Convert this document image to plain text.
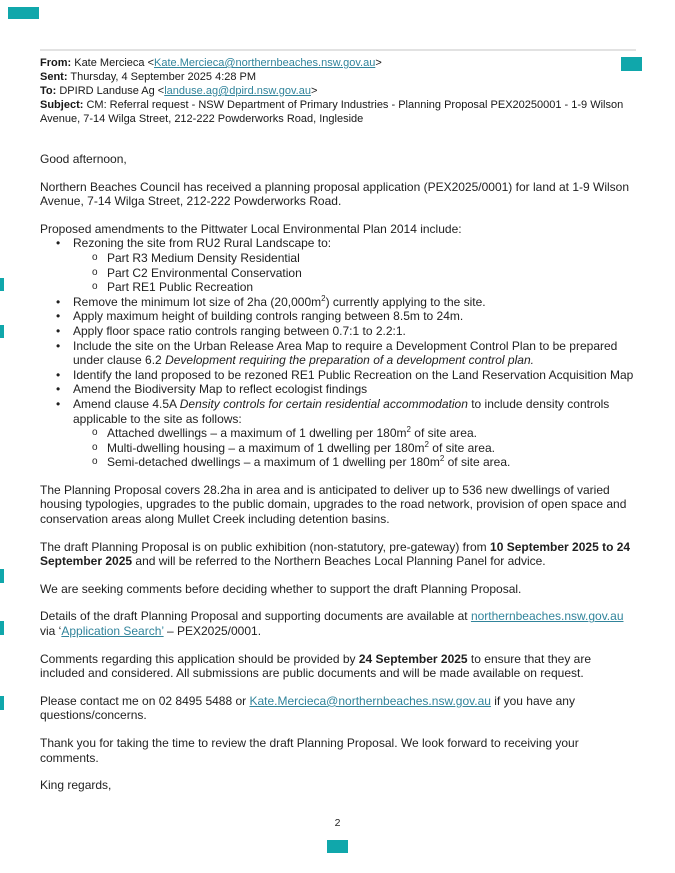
From: Kate Mercieca <Kate.Mercieca@northernbeaches.nsw.gov.au>
Sent: Thursday, 4 September 2025 4:28 PM
To: DPIRD Landuse Ag <landuse.ag@dpird.nsw.gov.au>
Subject: CM: Referral request - NSW Department of Primary Industries - Planning Proposal PEX20250001 - 1-9 Wilson Avenue, 7-14 Wilga Street, 212-222 Powderworks Road, Ingleside
Good afternoon,
Northern Beaches Council has received a planning proposal application (PEX2025/0001) for land at 1-9 Wilson Avenue, 7-14 Wilga Street, 212-222 Powderworks Road.
Proposed amendments to the Pittwater Local Environmental Plan 2014 include:
• Rezoning the site from RU2 Rural Landscape to:
o Part R3 Medium Density Residential
o Part C2 Environmental Conservation
o Part RE1 Public Recreation
• Remove the minimum lot size of 2ha $(20,000m^2)$ currently applying to the site.
• Apply maximum height of building controls ranging between 8.5m to 24m.
• Apply floor space ratio controls ranging between 0.7:1 to 2.2:1.
• Include the site on the Urban Release Area Map to require a Development Control Plan to be prepared under clause 6.2 Development requiring the preparation of a development control plan.
• Identify the land proposed to be rezoned RE1 Public Recreation on the Land Reservation Acquisition Map
• Amend the Biodiversity Map to reflect ecologist findings
• Amend clause 4.5A Density controls for certain residential accommodation to include density controls applicable to the site as follows:
o Attached dwellings – a maximum of 1 dwelling per $180m^2$ of site area.
o Multi-dwelling housing – a maximum of 1 dwelling per $180m^2$ of site area.
o Semi-detached dwellings – a maximum of 1 dwelling per $180m^2$ of site area.
The Planning Proposal covers 28.2ha in area and is anticipated to deliver up to 536 new dwellings of varied housing typologies, upgrades to the public domain, upgrades to the road network, provision of open space and conservation areas along Mullet Creek including detention basins.
The draft Planning Proposal is on public exhibition (non-statutory, pre-gateway) from 10 September 2025 to 24 September 2025 and will be referred to the Northern Beaches Local Planning Panel for advice.
We are seeking comments before deciding whether to support the draft Planning Proposal.
Details of the draft Planning Proposal and supporting documents are available at northernbeaches.nsw.gov.au via ‘Application Search’ – PEX2025/0001.
Comments regarding this application should be provided by 24 September 2025 to ensure that they are included and considered. All submissions are public documents and will be made available on request.
Please contact me on 02 8495 5488 or Kate.Mercieca@northernbeaches.nsw.gov.au if you have any questions/concerns.
Thank you for taking the time to review the draft Planning Proposal. We look forward to receiving your comments.
King regards,
2
